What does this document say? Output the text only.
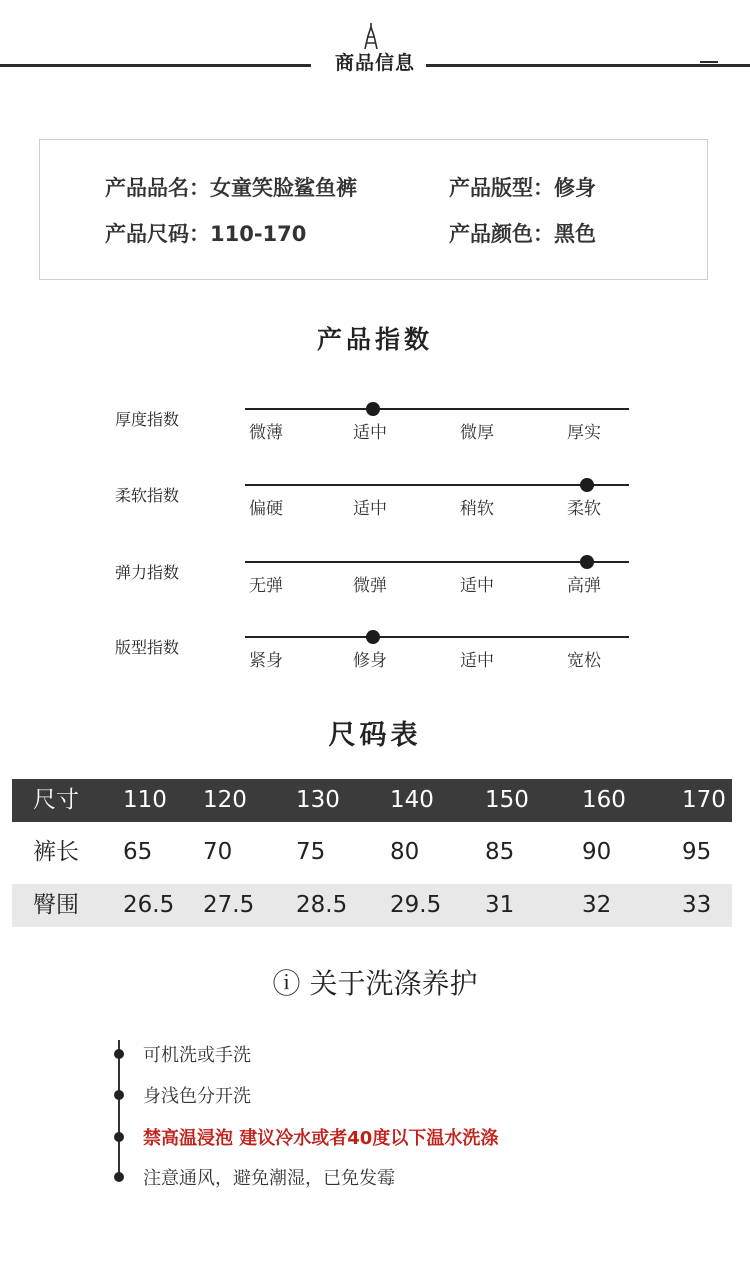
商品信息
产品品名：女童笑脸鲨鱼裤	产品版型：修身
产品尺码：110-170	产品颜色：黑色
产品指数
厚度指数
微薄	适中	微厚	厚实
柔软指数
偏硬	适中	稍软	柔软
弹力指数
无弹	微弹	适中	高弹
版型指数
紧身	修身	适中	宽松
尺码表
尺寸 110 120 130 140 150 160 170
裤长 65 70	75	80	85	90	95
臀围 26.5 27.5 28.5 29.5 31	32	33
ⓘ 关于洗涤养护
可机洗或手洗
身浅色分开洗
禁高温浸泡 建议冷水或者40度以下温水洗涤
注意通风，避免潮湿，已免发霉
